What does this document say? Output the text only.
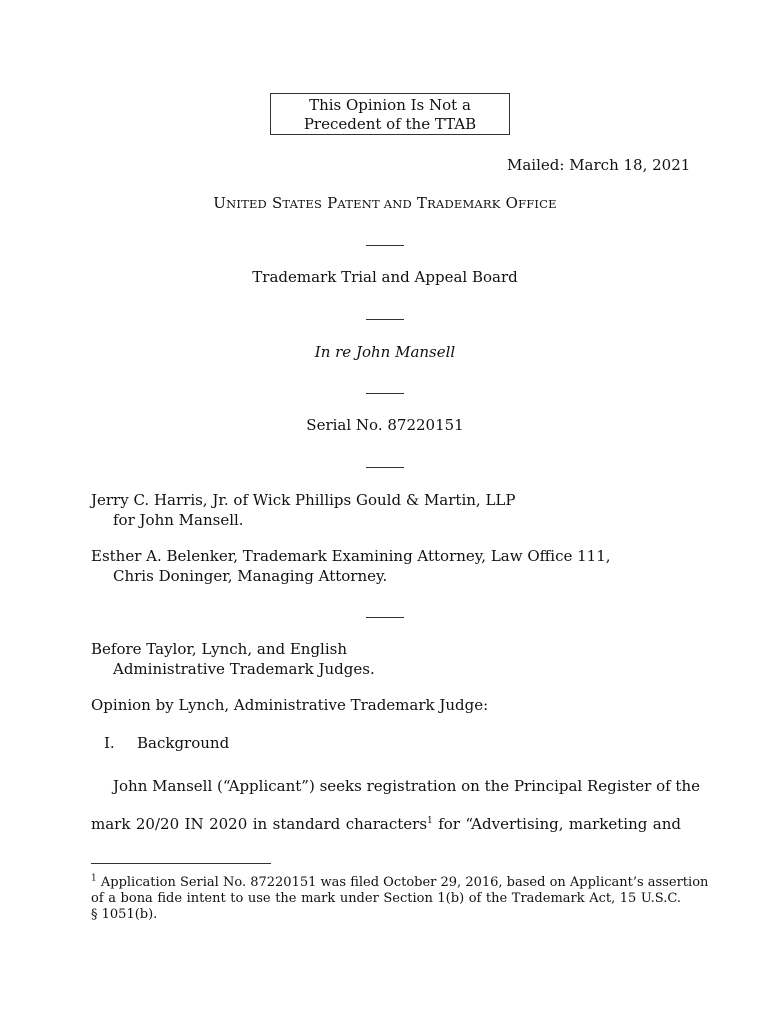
This Opinion Is Not a
Precedent of the TTAB
Mailed: March 18, 2021
UNITED STATES PATENT AND TRADEMARK OFFICE
Trademark Trial and Appeal Board
In re John Mansell
Serial No. 87220151
Jerry C. Harris, Jr. of Wick Phillips Gould & Martin, LLP
for John Mansell.
Esther A. Belenker, Trademark Examining Attorney, Law Office 111,
Chris Doninger, Managing Attorney.
Before Taylor, Lynch, and English
Administrative Trademark Judges.
Opinion by Lynch, Administrative Trademark Judge:
I. Background
John Mansell (“Applicant”) seeks registration on the Principal Register of the
mark 20/20 IN 2020 in standard characters$^1$ for “Advertising, marketing and
$^1$ Application Serial No. 87220151 was filed October 29, 2016, based on Applicant’s assertion
of a bona fide intent to use the mark under Section 1(b) of the Trademark Act, 15 U.S.C.
§ 1051(b).
